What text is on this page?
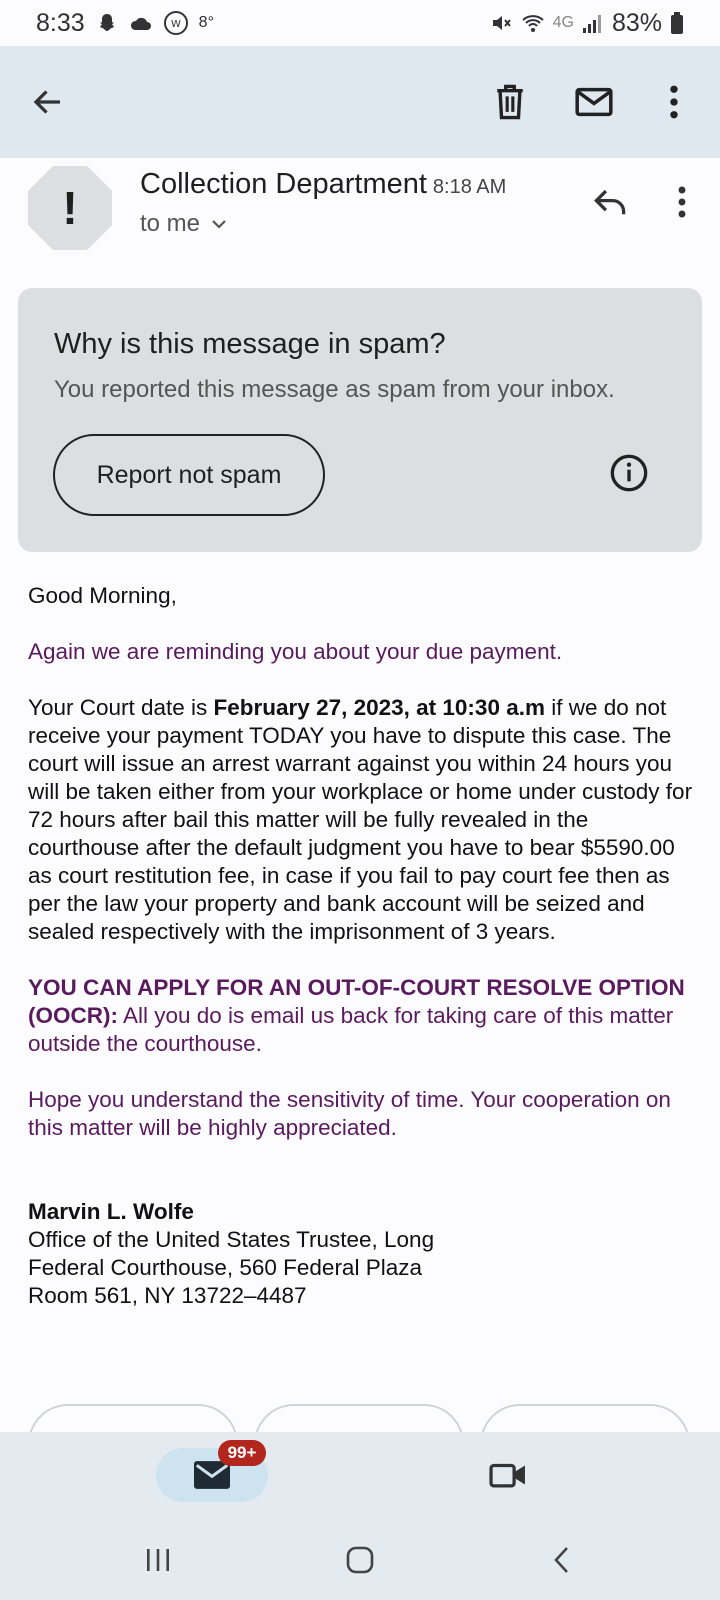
8:33	W 8°	4G 83%
! Collection Department 8:18 AM
to me
Why is this message in spam?
You reported this message as spam from your inbox.
Report not spam

Good Morning,

Again we are reminding you about your due payment.

Your Court date is February 27, 2023, at 10:30 a.m if we do not receive your payment TODAY you have to dispute this case. The court will issue an arrest warrant against you within 24 hours you will be taken either from your workplace or home under custody for 72 hours after bail this matter will be fully revealed in the courthouse after the default judgment you have to bear $5590.00 as court restitution fee, in case if you fail to pay court fee then as per the law your property and bank account will be seized and sealed respectively with the imprisonment of 3 years.

YOU CAN APPLY FOR AN OUT-OF-COURT RESOLVE OPTION (OOCR): All you do is email us back for taking care of this matter outside the courthouse.

Hope you understand the sensitivity of time. Your cooperation on this matter will be highly appreciated.

Marvin L. Wolfe

Office of the United States Trustee, Long

Federal Courthouse, 560 Federal Plaza

Room 561, NY 13722–4487

99+
